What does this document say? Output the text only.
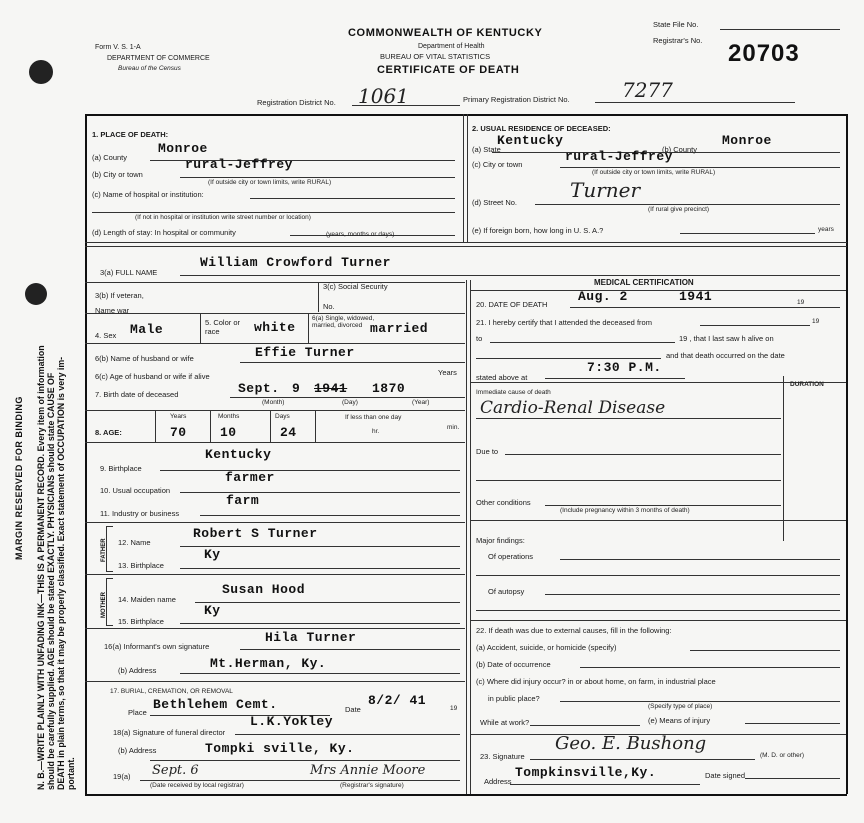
MARGIN RESERVED FOR BINDING N. B.—WRITE PLAINLY WITH UNFADING INK—THIS IS A PERMANENT RECORD. Every item of information should be carefully supplied. AGE should be stated EXACTLY. PHYSICIANS should state CAUSE OF DEATH in plain terms, so that it may be properly classified. Exact statement of OCCUPATION is very im- portant.
Form V. S. 1-A
DEPARTMENT OF COMMERCE
Bureau of the Census
COMMONWEALTH OF KENTUCKY
Department of Health
BUREAU OF VITAL STATISTICS
CERTIFICATE OF DEATH
State File No.
Registrar's No. 20703
Registration District No. 1061	Primary Registration District No.	7277
1. PLACE OF DEATH:
(a) County
Monroe
(b) City or town
rural-Jeffrey
(If outside city or town limits, write RURAL)
(c) Name of hospital or institution:
(If not in hospital or institution write street number or location)
(d) Length of stay: In hospital or community	(years, months or days)
2. USUAL RESIDENCE OF DECEASED:
(a) State
Kentucky
(b) County
Monroe
(c) City or town
rural-Jeffrey
(If outside city or town limits, write RURAL)
(d) Street No.
Turner
(If rural give precinct)
(e) If foreign born, how long in U. S. A.?	years
3(a) FULL NAME
William Crowford Turner
MEDICAL CERTIFICATION
3(b) If veteran,
3(c) Social Security
Name war	No.
4. Sex Male	5. Color or race	white
6(a) Single, widowed, married, divorced married
6(b) Name of husband or wife	Effie Turner
6(c) Age of husband or wife if alive	Years
7. Birth date of deceased	Sept. 9 1941 1870
(Month)	(Day)	(Year)
8. AGE:
Years
70
Months
10
Days
24
If less than one day
hr.
min.
9. Birthplace
Kentucky
10. Usual occupation
farmer
11. Industry or business
farm
FATHER 12. Name
Robert S Turner
13. Birthplace
Ky
MOTHER 14. Maiden name
Susan Hood
15. Birthplace
Ky
16(a) Informant's own signature
Hila Turner
(b) Address	Mt.Herman, Ky.
17. BURIAL, CREMATION, OR REMOVAL
Place
Bethlehem Cemt.	Date
8/2/ 41
19
18(a) Signature of funeral director
L.K.Yokley
(b) Address	Tompki sville, Ky.
19(a) Sept. 6	Mrs Annie Moore
(Date received by local registrar)	(Registrar's signature)
20. DATE OF DEATH
Aug. 2	1941	19
21. I hereby certify that I attended the deceased from	19
to	19 , that I last saw h alive on
and that death occurred on the date
stated above at
7:30 P.M.
DURATION
Immediate cause of death
Cardio-Renal Disease
Due to
Other conditions
(Include pregnancy within 3 months of death)
Major findings:
Of operations
Of autopsy
22. If death was due to external causes, fill in the following:
(a) Accident, suicide, or homicide (specify)
(b) Date of occurrence
(c) Where did injury occur? in or about home, on farm, in industrial place
in public place?
(Specify type of place)
While at work?	(e) Means of injury
23. Signature
Geo. E. Bushong
(M. D. or other)
Address
Tompkinsville,Ky.	Date signed
